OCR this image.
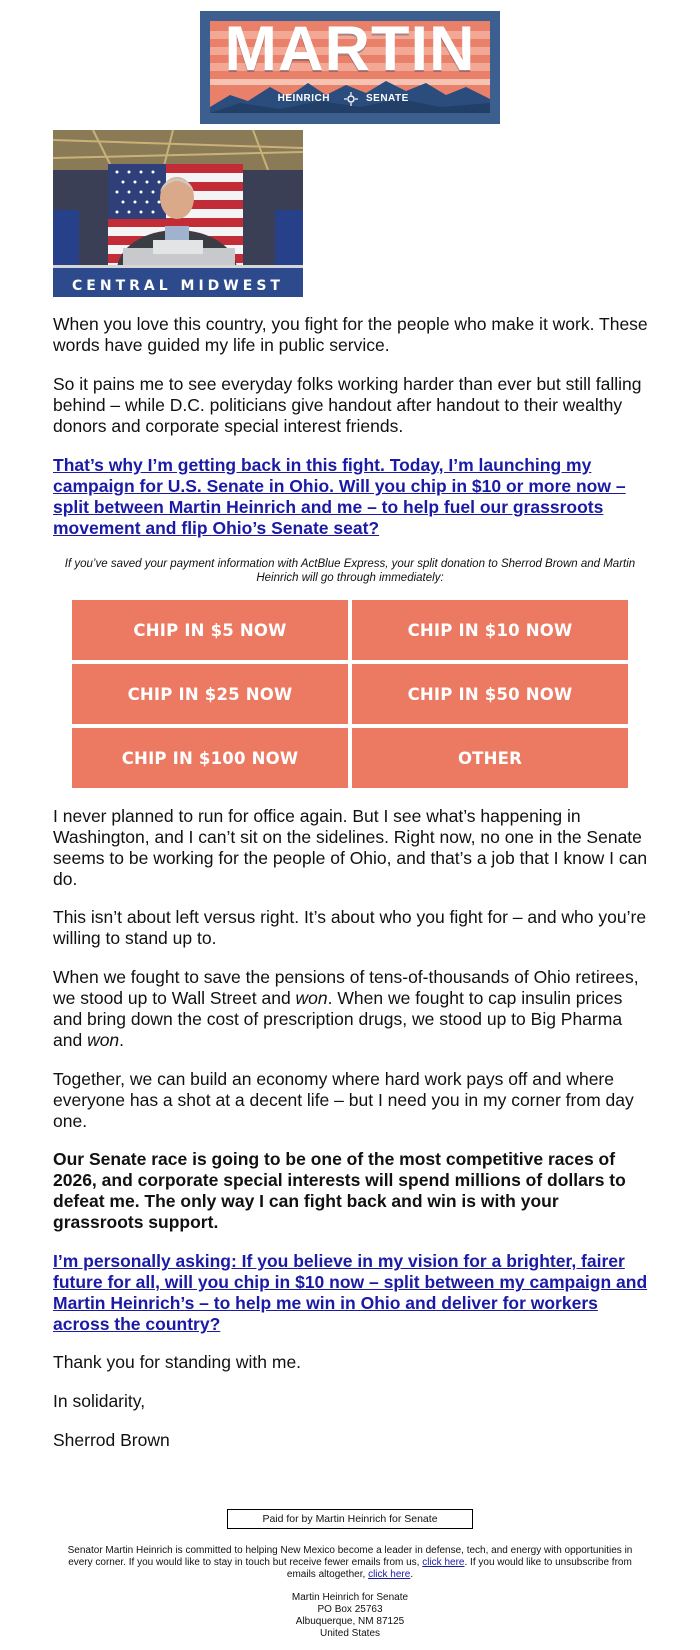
MARTIN
HEINRICH	SENATE
CENTRAL MIDWEST

When you love this country, you fight for the people who make it work. These words have guided my life in public service.

So it pains me to see everyday folks working harder than ever but still falling behind – while D.C. politicians give handout after handout to their wealthy donors and corporate special interest friends.

That’s why I’m getting back in this fight. Today, I’m launching my campaign for U.S. Senate in Ohio. Will you chip in $10 or more now – split between Martin Heinrich and me – to help fuel our grassroots movement and flip Ohio’s Senate seat?

If you’ve saved your payment information with ActBlue Express, your split donation to Sherrod Brown and Martin Heinrich will go through immediately:

CHIP IN $5 NOW	CHIP IN $10 NOW
CHIP IN $25 NOW	CHIP IN $50 NOW
CHIP IN $100 NOW	OTHER

I never planned to run for office again. But I see what’s happening in Washington, and I can’t sit on the sidelines. Right now, no one in the Senate seems to be working for the people of Ohio, and that’s a job that I know I can do.

This isn’t about left versus right. It’s about who you fight for – and who you’re willing to stand up to.

When we fought to save the pensions of tens-of-thousands of Ohio retirees, we stood up to Wall Street and won. When we fought to cap insulin prices and bring down the cost of prescription drugs, we stood up to Big Pharma and won.

Together, we can build an economy where hard work pays off and where everyone has a shot at a decent life – but I need you in my corner from day one.

Our Senate race is going to be one of the most competitive races of 2026, and corporate special interests will spend millions of dollars to defeat me. The only way I can fight back and win is with your grassroots support.

I’m personally asking: If you believe in my vision for a brighter, fairer future for all, will you chip in $10 now – split between my campaign and Martin Heinrich’s – to help me win in Ohio and deliver for workers across the country?

Thank you for standing with me.

In solidarity,

Sherrod Brown

Paid for by Martin Heinrich for Senate

Senator Martin Heinrich is committed to helping New Mexico become a leader in defense, tech, and energy with opportunities in every corner. If you would like to stay in touch but receive fewer emails from us, click here. If you would like to unsubscribe from emails altogether, click here.

Martin Heinrich for Senate
PO Box 25763
Albuquerque, NM 87125
United States
